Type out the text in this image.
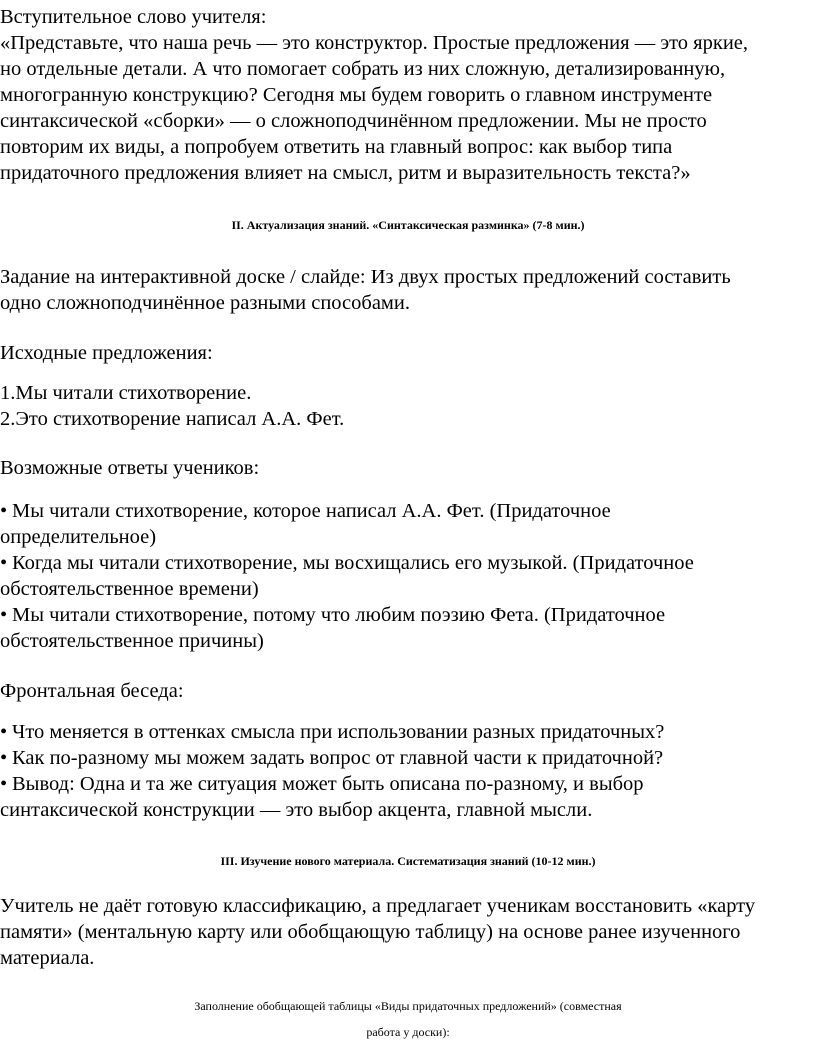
Вступительное слово учителя:
«Представьте, что наша речь — это конструктор. Простые предложения — это яркие,
но отдельные детали. А что помогает собрать из них сложную, детализированную,
многогранную конструкцию? Сегодня мы будем говорить о главном инструменте
синтаксической «сборки» — о сложноподчинённом предложении. Мы не просто
повторим их виды, а попробуем ответить на главный вопрос: как выбор типа
придаточного предложения влияет на смысл, ритм и выразительность текста?»
II. Актуализация знаний. «Синтаксическая разминка» (7-8 мин.)
Задание на интерактивной доске / слайде: Из двух простых предложений составить
одно сложноподчинённое разными способами.
Исходные предложения:
1.Мы читали стихотворение.
2.Это стихотворение написал А.А. Фет.
Возможные ответы учеников:
• Мы читали стихотворение, которое написал А.А. Фет. (Придаточное
определительное)
• Когда мы читали стихотворение, мы восхищались его музыкой. (Придаточное
обстоятельственное времени)
• Мы читали стихотворение, потому что любим поэзию Фета. (Придаточное
обстоятельственное причины)
Фронтальная беседа:
• Что меняется в оттенках смысла при использовании разных придаточных?
• Как по-разному мы можем задать вопрос от главной части к придаточной?
• Вывод: Одна и та же ситуация может быть описана по-разному, и выбор
синтаксической конструкции — это выбор акцента, главной мысли.
III. Изучение нового материала. Систематизация знаний (10-12 мин.)
Учитель не даёт готовую классификацию, а предлагает ученикам восстановить «карту
памяти» (ментальную карту или обобщающую таблицу) на основе ранее изученного
материала.
Заполнение обобщающей таблицы «Виды придаточных предложений» (совместная
работа у доски):
